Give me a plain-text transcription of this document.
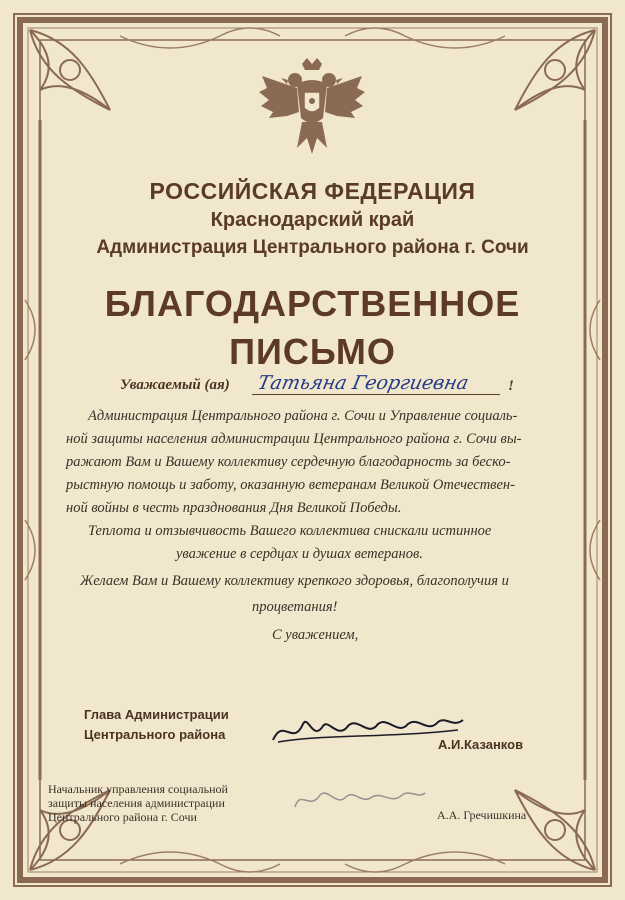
РОССИЙСКАЯ ФЕДЕРАЦИЯ
Краснодарский край
Администрация Центрального района г. Сочи
БЛАГОДАРСТВЕННОЕ
ПИСЬМО
Уважаемый (ая) Татьяна Георгиевна !
Администрация Центрального района г. Сочи и Управление социаль-
ной защиты населения администрации Центрального района г. Сочи вы-
ражают Вам и Вашему коллективу сердечную благодарность за беско-
рыстную помощь и заботу, оказанную ветеранам Великой Отечествен-
ной войны в честь празднования Дня Великой Победы.
Теплота и отзывчивость Вашего коллектива снискали истинное
уважение в сердцах и душах ветеранов.
Желаем Вам и Вашему коллективу крепкого здоровья, благополучия и
процветания!
С уважением,
Глава Администрации
Центрального района
А.И.Казанков
Начальник управления социальной
защиты населения администрации
Центрального района г. Сочи	А.А. Гречишкина
